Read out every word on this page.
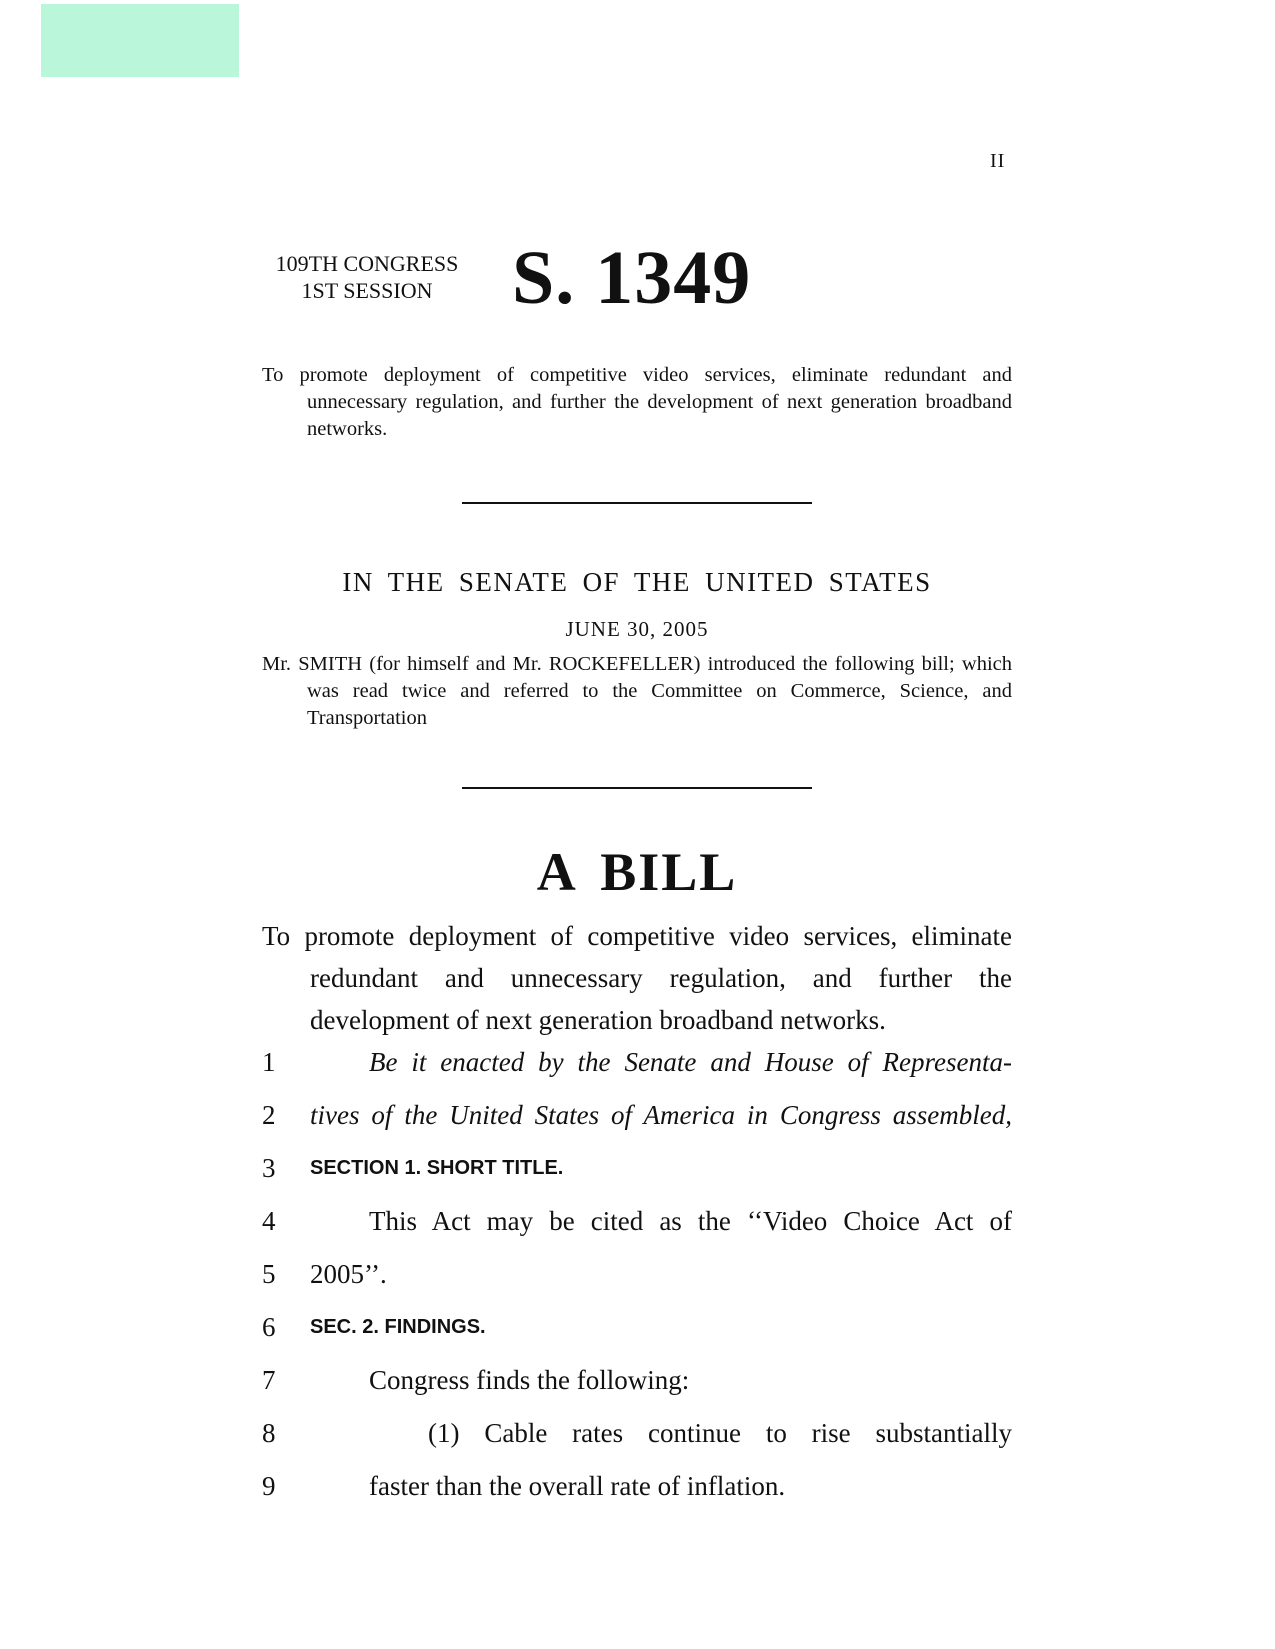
II
109TH CONGRESS
1ST SESSION	S. 1349
To promote deployment of competitive video services, eliminate redundant and unnecessary regulation, and further the development of next generation broadband networks.
IN THE SENATE OF THE UNITED STATES
JUNE 30, 2005
Mr. SMITH (for himself and Mr. ROCKEFELLER) introduced the following bill; which was read twice and referred to the Committee on Commerce, Science, and Transportation
A BILL
To promote deployment of competitive video services, eliminate redundant and unnecessary regulation, and further the development of next generation broadband networks.
1	Be it enacted by the Senate and House of Representa-
2	tives of the United States of America in Congress assembled,
3	SECTION 1. SHORT TITLE.
4	This Act may be cited as the ‘‘Video Choice Act of
5	2005’’.
6	SEC. 2. FINDINGS.
7	Congress finds the following:
8	(1) Cable rates continue to rise substantially
9	faster than the overall rate of inflation.
